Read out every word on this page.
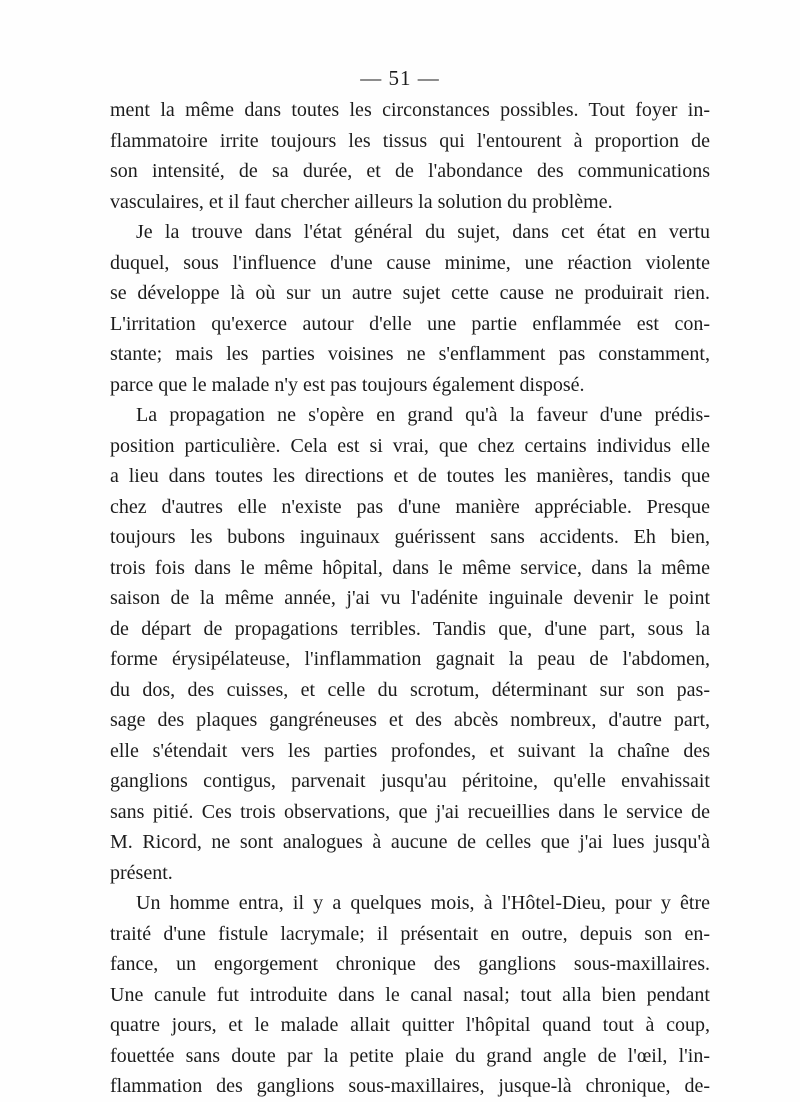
— 51 —
ment la même dans toutes les circonstances possibles. Tout foyer in-
flammatoire irrite toujours les tissus qui l'entourent à proportion de
son intensité, de sa durée, et de l'abondance des communications
vasculaires, et il faut chercher ailleurs la solution du problème.
Je la trouve dans l'état général du sujet, dans cet état en vertu
duquel, sous l'influence d'une cause minime, une réaction violente
se développe là où sur un autre sujet cette cause ne produirait rien.
L'irritation qu'exerce autour d'elle une partie enflammée est con-
stante; mais les parties voisines ne s'enflamment pas constamment,
parce que le malade n'y est pas toujours également disposé.
La propagation ne s'opère en grand qu'à la faveur d'une prédis-
position particulière. Cela est si vrai, que chez certains individus elle
a lieu dans toutes les directions et de toutes les manières, tandis que
chez d'autres elle n'existe pas d'une manière appréciable. Presque
toujours les bubons inguinaux guérissent sans accidents. Eh bien,
trois fois dans le même hôpital, dans le même service, dans la même
saison de la même année, j'ai vu l'adénite inguinale devenir le point
de départ de propagations terribles. Tandis que, d'une part, sous la
forme érysipélateuse, l'inflammation gagnait la peau de l'abdomen,
du dos, des cuisses, et celle du scrotum, déterminant sur son pas-
sage des plaques gangréneuses et des abcès nombreux, d'autre part,
elle s'étendait vers les parties profondes, et suivant la chaîne des
ganglions contigus, parvenait jusqu'au péritoine, qu'elle envahissait
sans pitié. Ces trois observations, que j'ai recueillies dans le service de
M. Ricord, ne sont analogues à aucune de celles que j'ai lues jusqu'à
présent.
Un homme entra, il y a quelques mois, à l'Hôtel-Dieu, pour y être
traité d'une fistule lacrymale; il présentait en outre, depuis son en-
fance, un engorgement chronique des ganglions sous-maxillaires.
Une canule fut introduite dans le canal nasal; tout alla bien pendant
quatre jours, et le malade allait quitter l'hôpital quand tout à coup,
fouettée sans doute par la petite plaie du grand angle de l'œil, l'in-
flammation des ganglions sous-maxillaires, jusque-là chronique, de-
